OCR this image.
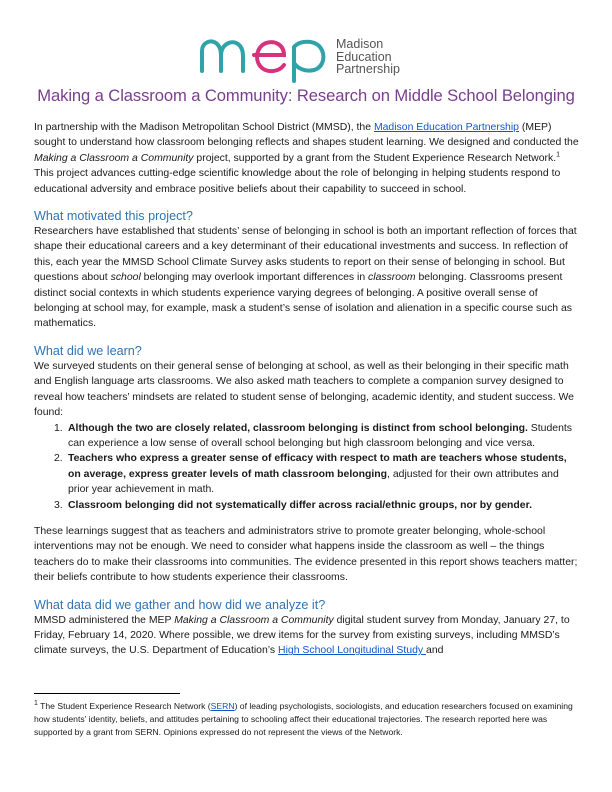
Madison
Education
Partnership
Making a Classroom a Community: Research on Middle School Belonging

In partnership with the Madison Metropolitan School District (MMSD), the Madison Education Partnership (MEP) sought to understand how classroom belonging reflects and shapes student learning. We designed and conducted the Making a Classroom a Community project, supported by a grant from the Student Experience Research Network.$^1$ This project advances cutting-edge scientific knowledge about the role of belonging in helping students respond to educational adversity and embrace positive beliefs about their capability to succeed in school.

What motivated this project?

Researchers have established that students’ sense of belonging in school is both an important reflection of forces that shape their educational careers and a key determinant of their educational investments and success. In reflection of this, each year the MMSD School Climate Survey asks students to report on their sense of belonging in school. But questions about school belonging may overlook important differences in classroom belonging. Classrooms present distinct social contexts in which students experience varying degrees of belonging. A positive overall sense of belonging at school may, for example, mask a student’s sense of isolation and alienation in a specific course such as mathematics.

What did we learn?

We surveyed students on their general sense of belonging at school, as well as their belonging in their specific math and English language arts classrooms. We also asked math teachers to complete a companion survey designed to reveal how teachers’ mindsets are related to student sense of belonging, academic identity, and student success. We found:

1. Although the two are closely related, classroom belonging is distinct from school belonging. Students can experience a low sense of overall school belonging but high classroom belonging and vice versa.
2. Teachers who express a greater sense of efficacy with respect to math are teachers whose students, on average, express greater levels of math classroom belonging, adjusted for their own attributes and prior year achievement in math.
3. Classroom belonging did not systematically differ across racial/ethnic groups, nor by gender.

These learnings suggest that as teachers and administrators strive to promote greater belonging, whole-school interventions may not be enough. We need to consider what happens inside the classroom as well – the things teachers do to make their classrooms into communities. The evidence presented in this report shows teachers matter; their beliefs contribute to how students experience their classrooms.

What data did we gather and how did we analyze it?

MMSD administered the MEP Making a Classroom a Community digital student survey from Monday, January 27, to Friday, February 14, 2020. Where possible, we drew items for the survey from existing surveys, including MMSD’s climate surveys, the U.S. Department of Education’s High School Longitudinal Study and

$^1$ The Student Experience Research Network (SERN) of leading psychologists, sociologists, and education researchers focused on examining how students’ identity, beliefs, and attitudes pertaining to schooling affect their educational trajectories. The research reported here was supported by a grant from SERN. Opinions expressed do not represent the views of the Network.
